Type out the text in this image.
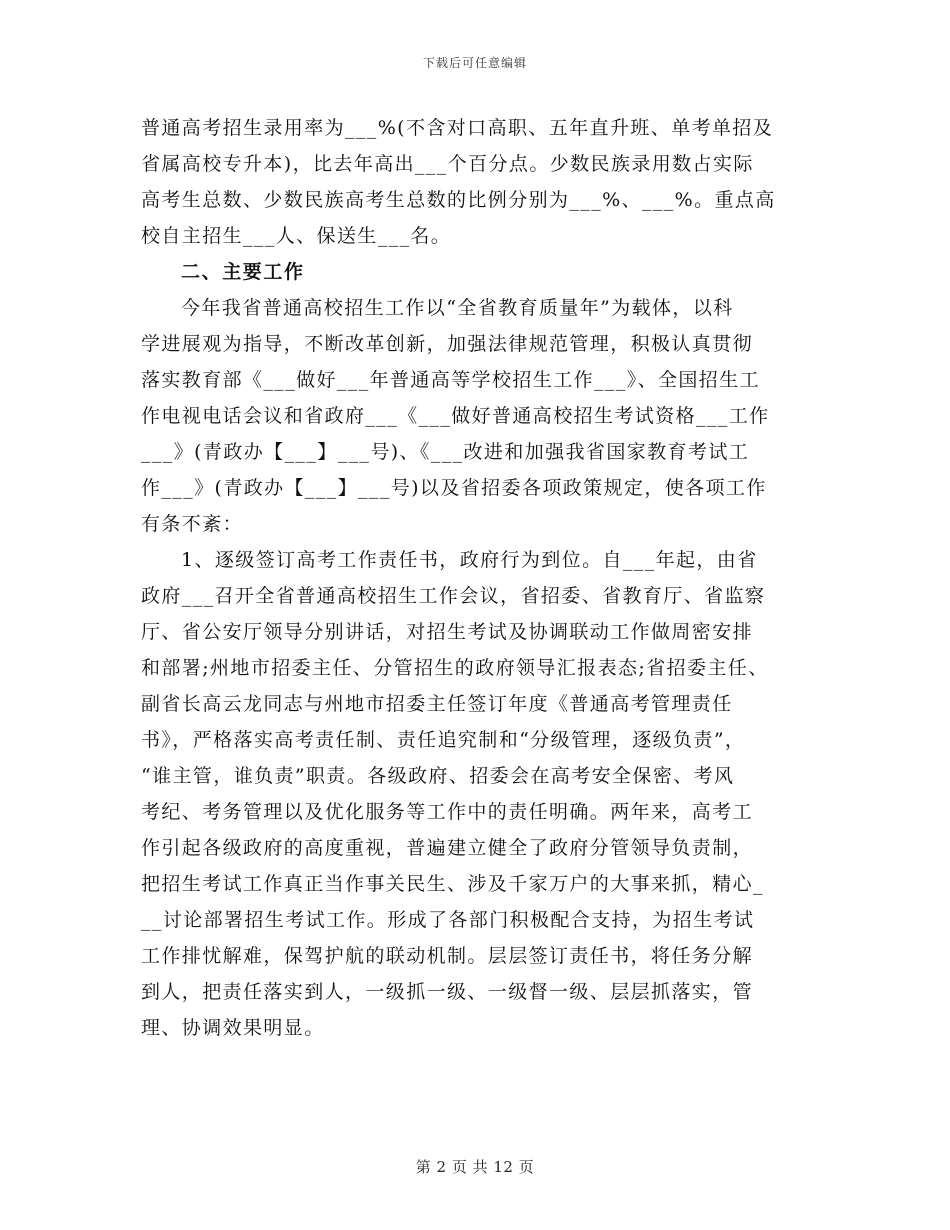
下载后可任意编辑
普通高考招生录用率为___%(不含对口高职、五年直升班、单考单招及
省属高校专升本)，比去年高出___个百分点。少数民族录用数占实际
高考生总数、少数民族高考生总数的比例分别为___%、___%。重点高
校自主招生___人、保送生___名。
二、主要工作
今年我省普通高校招生工作以“全省教育质量年”为载体，以科
学进展观为指导，不断改革创新，加强法律规范管理，积极认真贯彻
落实教育部《___做好___年普通高等学校招生工作___》、全国招生工
作电视电话会议和省政府___《___做好普通高校招生考试资格___工作
___》(青政办【___】___号)、《___改进和加强我省国家教育考试工
作___》(青政办【___】___号)以及省招委各项政策规定，使各项工作
有条不紊：
1、逐级签订高考工作责任书，政府行为到位。自___年起，由省
政府___召开全省普通高校招生工作会议，省招委、省教育厅、省监察
厅、省公安厅领导分别讲话，对招生考试及协调联动工作做周密安排
和部署;州地市招委主任、分管招生的政府领导汇报表态;省招委主任、
副省长高云龙同志与州地市招委主任签订年度《普通高考管理责任
书》，严格落实高考责任制、责任追究制和“分级管理，逐级负责”，
“谁主管，谁负责”职责。各级政府、招委会在高考安全保密、考风
考纪、考务管理以及优化服务等工作中的责任明确。两年来，高考工
作引起各级政府的高度重视，普遍建立健全了政府分管领导负责制，
把招生考试工作真正当作事关民生、涉及千家万户的大事来抓，精心_
__讨论部署招生考试工作。形成了各部门积极配合支持，为招生考试
工作排忧解难，保驾护航的联动机制。层层签订责任书，将任务分解
到人，把责任落实到人，一级抓一级、一级督一级、层层抓落实，管
理、协调效果明显。
第 2 页 共 12 页
